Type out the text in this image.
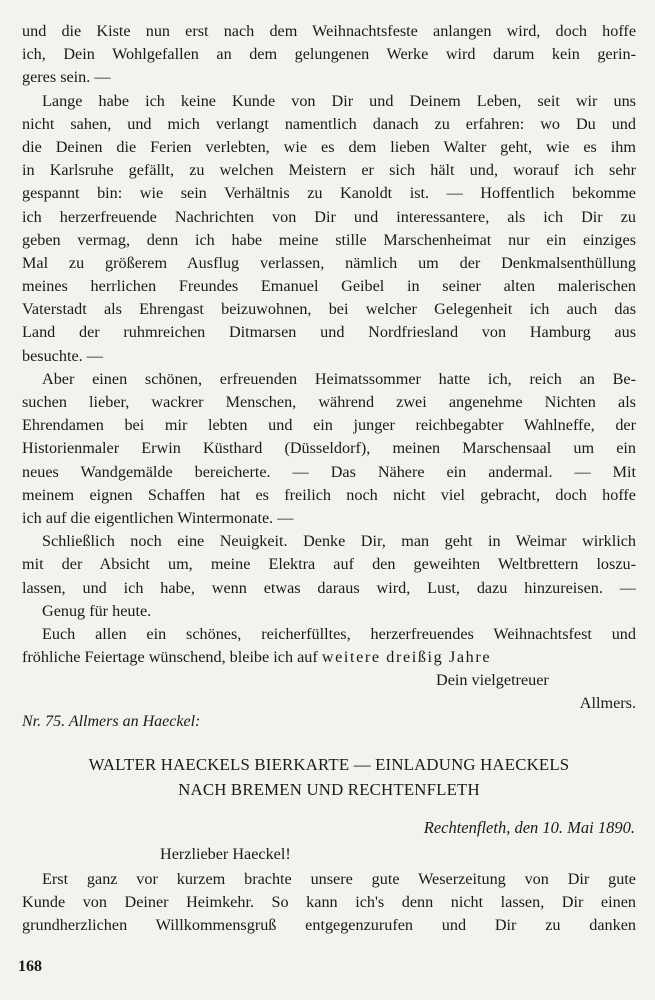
und die Kiste nun erst nach dem Weihnachtsfeste anlangen wird, doch hoffe
ich, Dein Wohlgefallen an dem gelungenen Werke wird darum kein gerin-
geres sein. —
Lange habe ich keine Kunde von Dir und Deinem Leben, seit wir uns
nicht sahen, und mich verlangt namentlich danach zu erfahren: wo Du und
die Deinen die Ferien verlebten, wie es dem lieben Walter geht, wie es ihm
in Karlsruhe gefällt, zu welchen Meistern er sich hält und, worauf ich sehr
gespannt bin: wie sein Verhältnis zu Kanoldt ist. — Hoffentlich bekomme
ich herzerfreuende Nachrichten von Dir und interessantere, als ich Dir zu
geben vermag, denn ich habe meine stille Marschenheimat nur ein einziges
Mal zu größerem Ausflug verlassen, nämlich um der Denkmalsenthüllung
meines herrlichen Freundes Emanuel Geibel in seiner alten malerischen
Vaterstadt als Ehrengast beizuwohnen, bei welcher Gelegenheit ich auch das
Land der ruhmreichen Ditmarsen und Nordfriesland von Hamburg aus
besuchte. —
Aber einen schönen, erfreuenden Heimatssommer hatte ich, reich an Be-
suchen lieber, wackrer Menschen, während zwei angenehme Nichten als
Ehrendamen bei mir lebten und ein junger reichbegabter Wahlneffe, der
Historienmaler Erwin Küsthard (Düsseldorf), meinen Marschensaal um ein
neues Wandgemälde bereicherte. — Das Nähere ein andermal. — Mit
meinem eignen Schaffen hat es freilich noch nicht viel gebracht, doch hoffe
ich auf die eigentlichen Wintermonate. —
Schließlich noch eine Neuigkeit. Denke Dir, man geht in Weimar wirklich
mit der Absicht um, meine Elektra auf den geweihten Weltbrettern loszu-
lassen, und ich habe, wenn etwas daraus wird, Lust, dazu hinzureisen. —
Genug für heute.
Euch allen ein schönes, reicherfülltes, herzerfreuendes Weihnachtsfest und
fröhliche Feiertage wünschend, bleibe ich auf weitere dreißig Jahre
Dein vielgetreuer
Allmers.
Nr. 75. Allmers an Haeckel:
WALTER HAECKELS BIERKARTE — EINLADUNG HAECKELS
NACH BREMEN UND RECHTENFLETH
Rechtenfleth, den 10. Mai 1890.
Herzlieber Haeckel!
Erst ganz vor kurzem brachte unsere gute Weserzeitung von Dir gute
Kunde von Deiner Heimkehr. So kann ich's denn nicht lassen, Dir einen
grundherzlichen Willkommensgruß entgegenzurufen und Dir zu danken
168
